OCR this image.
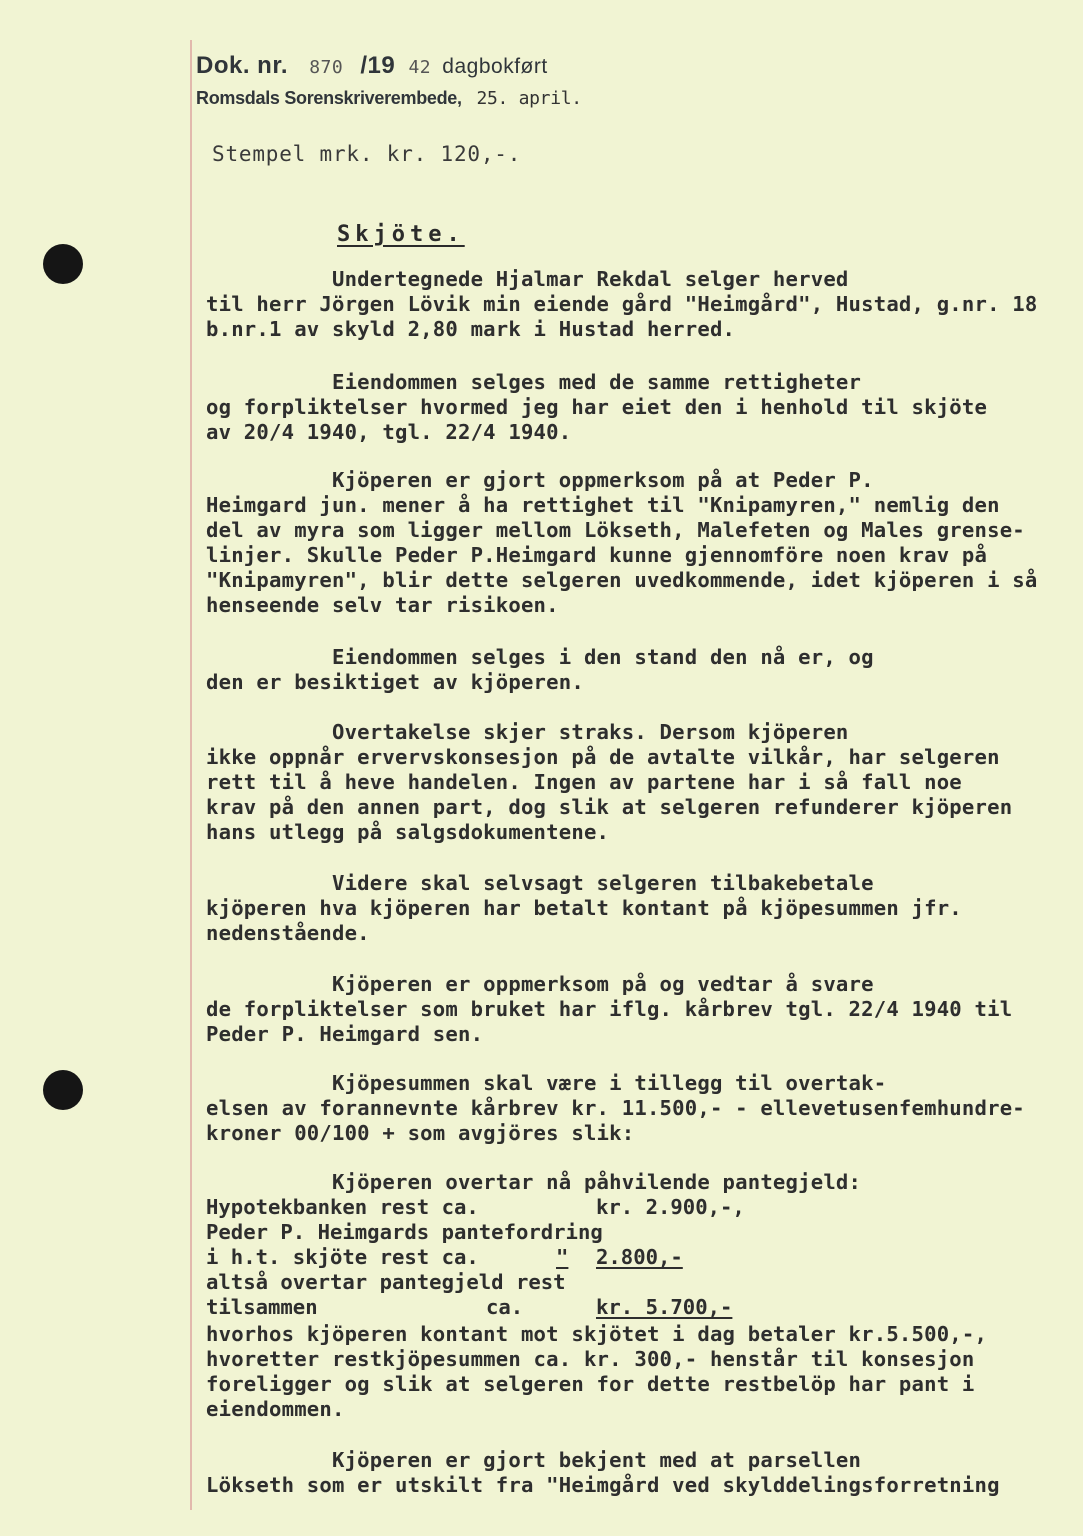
Dok. nr. 870 /19 42 dagbokført
Romsdals Sorenskriverembede, 25. april.
Stempel mrk. kr. 120,-.
Skjöte.
Undertegnede Hjalmar Rekdal selger herved
til herr Jörgen Lövik min eiende gård "Heimgård", Hustad, g.nr. 18
b.nr.1 av skyld 2,80 mark i Hustad herred.
Eiendommen selges med de samme rettigheter
og forpliktelser hvormed jeg har eiet den i henhold til skjöte
av 20/4 1940, tgl. 22/4 1940.
Kjöperen er gjort oppmerksom på at Peder P.
Heimgard jun. mener å ha rettighet til "Knipamyren," nemlig den
del av myra som ligger mellom Lökseth, Malefeten og Males grense-
linjer. Skulle Peder P.Heimgard kunne gjennomföre noen krav på
"Knipamyren", blir dette selgeren uvedkommende, idet kjöperen i så
henseende selv tar risikoen.
Eiendommen selges i den stand den nå er, og
den er besiktiget av kjöperen.
Overtakelse skjer straks. Dersom kjöperen
ikke oppnår ervervskonsesjon på de avtalte vilkår, har selgeren
rett til å heve handelen. Ingen av partene har i så fall noe
krav på den annen part, dog slik at selgeren refunderer kjöperen
hans utlegg på salgsdokumentene.
Videre skal selvsagt selgeren tilbakebetale
kjöperen hva kjöperen har betalt kontant på kjöpesummen jfr.
nedenstående.
Kjöperen er oppmerksom på og vedtar å svare
de forpliktelser som bruket har iflg. kårbrev tgl. 22/4 1940 til
Peder P. Heimgard sen.
Kjöpesummen skal være i tillegg til overtak-
elsen av forannevnte kårbrev kr. 11.500,- - ellevetusenfemhundre-
kroner 00/100 + som avgjöres slik:
Kjöperen overtar nå påhvilende pantegjeld:
Hypotekbanken rest ca.	kr. 2.900,-,
Peder P. Heimgards pantefordring
i h.t. skjöte rest ca.	"	2.800,-
altså overtar pantegjeld rest
tilsammen	ca.	kr. 5.700,-
hvorhos kjöperen kontant mot skjötet i dag betaler kr.5.500,-,
hvoretter restkjöpesummen ca. kr. 300,- henstår til konsesjon
foreligger og slik at selgeren for dette restbelöp har pant i
eiendommen.
Kjöperen er gjort bekjent med at parsellen
Lökseth som er utskilt fra "Heimgård ved skylddelingsforretning
